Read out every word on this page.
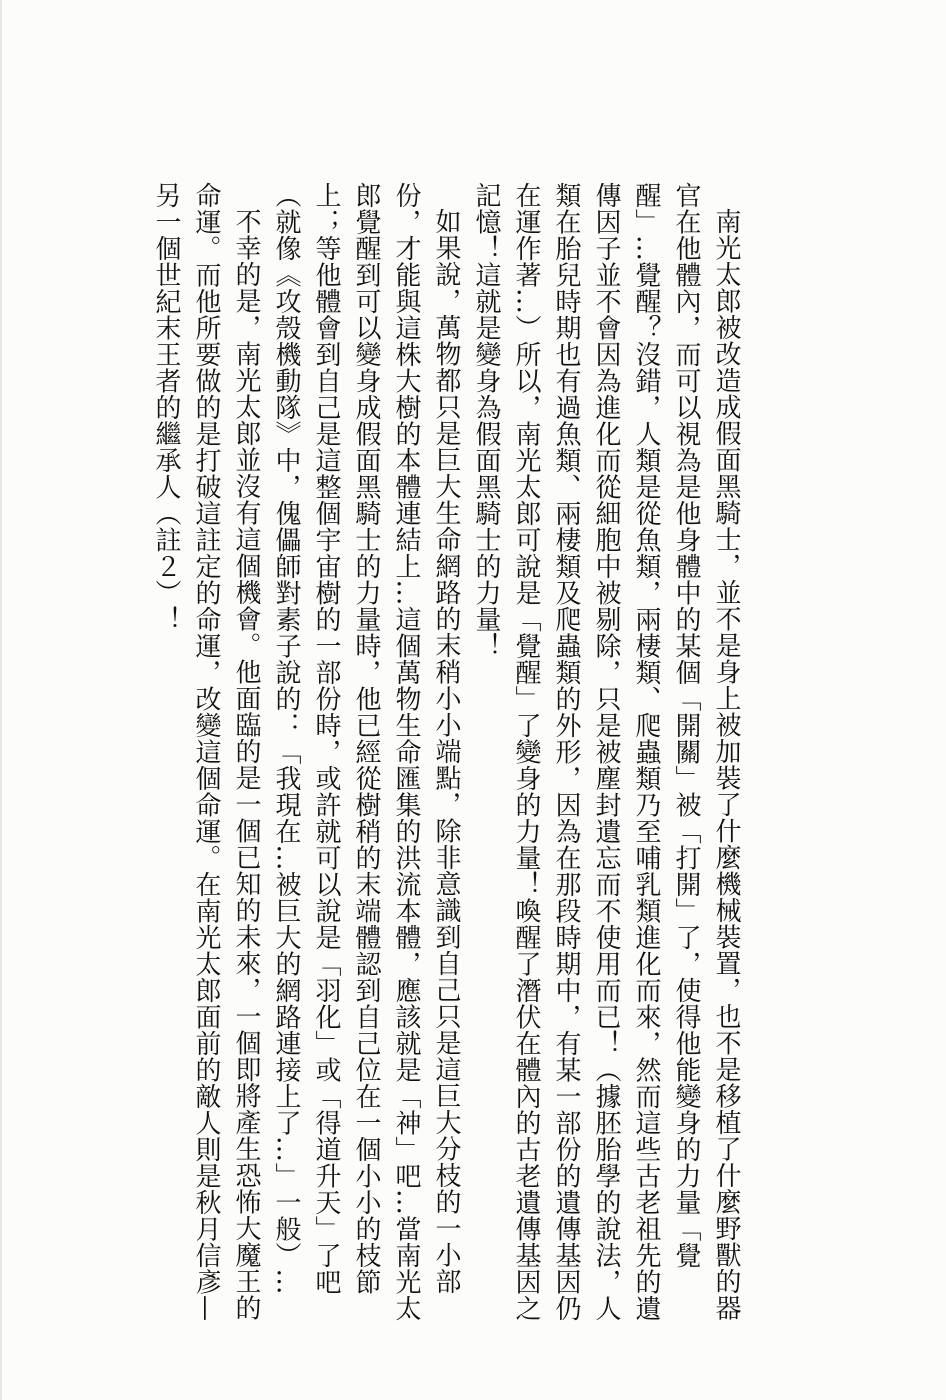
南光太郎被改造成假面黑騎士，並不是身上被加裝了什麼機械裝置，也不是移植了什麼野獸的器官在他體內，而可以視為是他身體中的某個「開關」被「打開」了，使得他能變身的力量「覺醒」…覺醒？沒錯，人類是從魚類，兩棲類、爬蟲類乃至哺乳類進化而來，然而這些古老祖先的遺傳因子並不會因為進化而從細胞中被剔除，只是被塵封遺忘而不使用而已！（據胚胎學的說法，人類在胎兒時期也有過魚類、兩棲類及爬蟲類的外形，因為在那段時期中，有某一部份的遺傳基因仍在運作著…）所以，南光太郎可說是「覺醒」了變身的力量！喚醒了潛伏在體內的古老遺傳基因之記憶！這就是變身為假面黑騎士的力量！

如果說，萬物都只是巨大生命網路的末稍小小端點，除非意識到自己只是這巨大分枝的一小部份，才能與這株大樹的本體連結上…這個萬物生命匯集的洪流本體，應該就是「神」吧…當南光太郎覺醒到可以變身成假面黑騎士的力量時，他已經從樹稍的末端體認到自己位在一個小小的枝節上；等他體會到自己是這整個宇宙樹的一部份時，或許就可以說是「羽化」或「得道升天」了吧（就像《攻殼機動隊》中，傀儡師對素子說的：「我現在…被巨大的網路連接上了…」一般）…

不幸的是，南光太郎並沒有這個機會。他面臨的是一個已知的未來，一個即將產生恐怖大魔王的命運。而他所要做的是打破這註定的命運，改變這個命運。在南光太郎面前的敵人則是秋月信彥—另一個世紀末王者的繼承人（註２）！
